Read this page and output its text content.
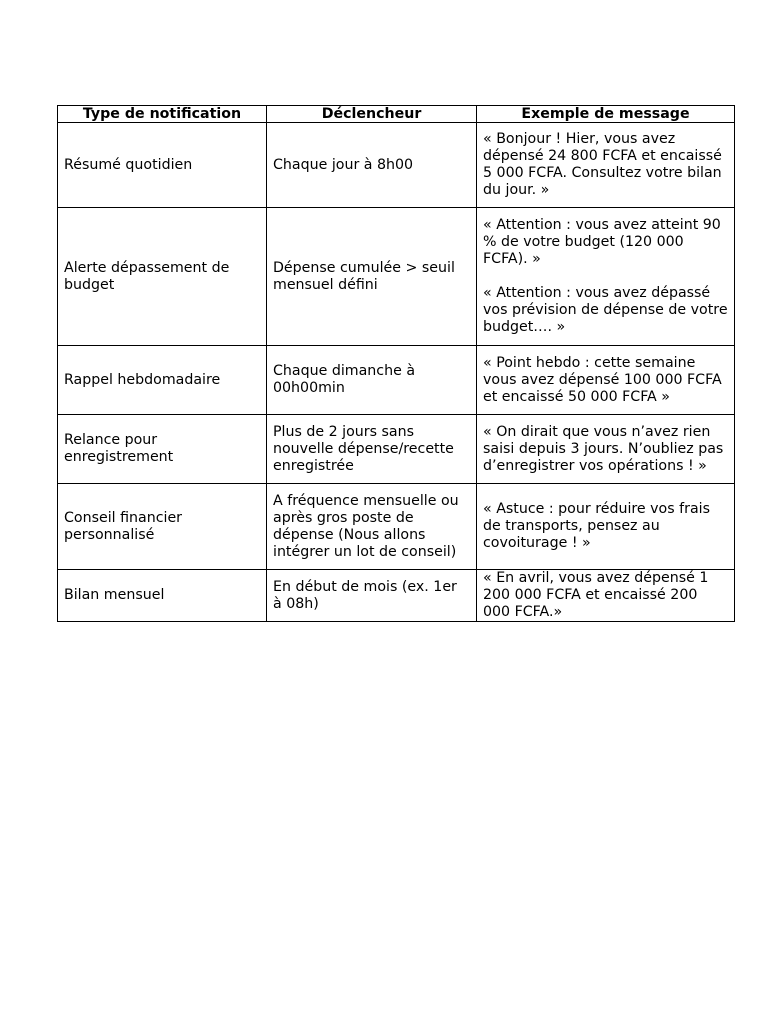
Type de notification	Déclencheur	Exemple de message
Résumé quotidien	Chaque jour à 8h00	« Bonjour ! Hier, vous avez dépensé 24 800 FCFA et encaissé 5 000 FCFA. Consultez votre bilan du jour. »

Alerte dépassement de budget	Dépense cumulée > seuil mensuel défini	« Attention : vous avez atteint 90 % de votre budget (120 000 FCFA). »
« Attention : vous avez dépassé vos prévision de dépense de votre budget…. »

Rappel hebdomadaire	Chaque dimanche à 00h00min	« Point hebdo : cette semaine vous avez dépensé 100 000 FCFA et encaissé 50 000 FCFA »

Relance pour enregistrement	Plus de 2 jours sans nouvelle dépense/recette enregistrée	« On dirait que vous n’avez rien saisi depuis 3 jours. N’oubliez pas d’enregistrer vos opérations ! »

Conseil financier personnalisé	A fréquence mensuelle ou après gros poste de dépense (Nous allons intégrer un lot de conseil)	« Astuce : pour réduire vos frais de transports, pensez au covoiturage ! »

Bilan mensuel	En début de mois (ex. 1er à 08h)	« En avril, vous avez dépensé 1 200 000 FCFA et encaissé 200 000 FCFA.»
